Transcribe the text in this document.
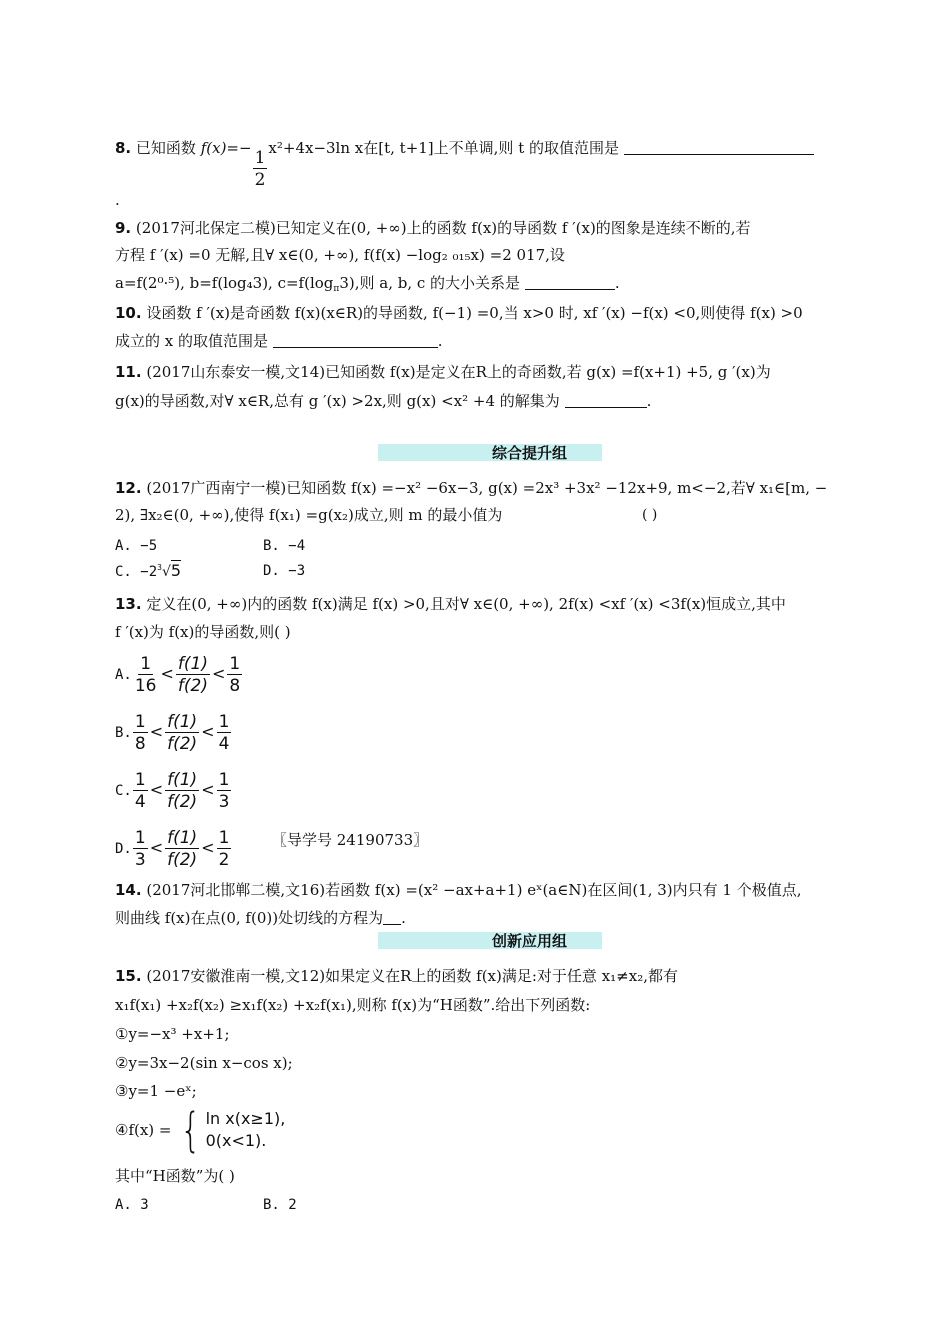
8. 已知函数 $f(x)=- \frac{1}{2} x^2+4x-3\ln$ x在[t, t+1]上不单调,则 t 的取值范围是
.
9. (2017河北保定二模)已知定义在(0, +∞)上的函数 f(x)的导函数 f ′(x)的图象是连续不断的,若
方程 f ′(x) =0 无解,且∀ x∈(0, +∞), f(f(x) −log₂ ₀₁₅x) =2 017,设
a=f(2⁰·⁵), b=f(log₄3), $c=f(\log_\pi 3)$,则 a, b, c 的大小关系是	.
10. 设函数 f ′(x)是奇函数 f(x)(x∈R)的导函数, f(−1) =0,当 x>0 时, xf ′(x) −f(x) <0,则使得 f(x) >0
成立的 x 的取值范围是	.
11. (2017山东泰安一模,文14)已知函数 f(x)是定义在R上的奇函数,若 g(x) =f(x+1) +5, g ′(x)为
g(x)的导函数,对∀ x∈R,总有 g ′(x) >2x,则 g(x) <x² +4 的解集为	.
综合提升组
12. (2017广西南宁一模)已知函数 f(x) =−x² −6x−3, g(x) =2x³ +3x² −12x+9, m<−2,若∀ x₁∈[m, −
2), ∃x₂∈(0, +∞),使得 f(x₁) =g(x₂)成立,则 m 的最小值为	( )
A. −5	B. −4
C. $-2^3√5$	D. −3
13. 定义在(0, +∞)内的函数 f(x)满足 f(x) >0,且对∀ x∈(0, +∞), 2f(x) <xf ′(x) <3f(x)恒成立,其中
f ′(x)为 f(x)的导函数,则( )
A. $\frac{1}{16} < \frac{f(1)}{f(2)} < \frac{1}{8}$
B. $\frac{1}{8} < \frac{f(1)}{f(2)} < \frac{1}{4}$
C. $\frac{1}{4} < \frac{f(1)}{f(2)} < \frac{1}{3}$
D. $\frac{1}{3} < \frac{f(1)}{f(2)} < \frac{1}{2}$	〖导学号 24190733〗
14. (2017河北邯郸二模,文16)若函数 f(x) =(x² −ax+a+1) eˣ(a∈N)在区间(1, 3)内只有 1 个极值点,
则曲线 f(x)在点(0, f(0))处切线的方程为 .
创新应用组
15. (2017安徽淮南一模,文12)如果定义在R上的函数 f(x)满足:对于任意 x₁≠x₂,都有
x₁f(x₁) +x₂f(x₂) ≥x₁f(x₂) +x₂f(x₁),则称 f(x)为“H函数”.给出下列函数:
①y=−x³ +x+1;
②y=3x−2(sin x−cos x);
③y=1 −eˣ;
④f(x) = { ln x(x≥1),
0(x<1).
其中“H函数”为( )
A. 3	B. 2
